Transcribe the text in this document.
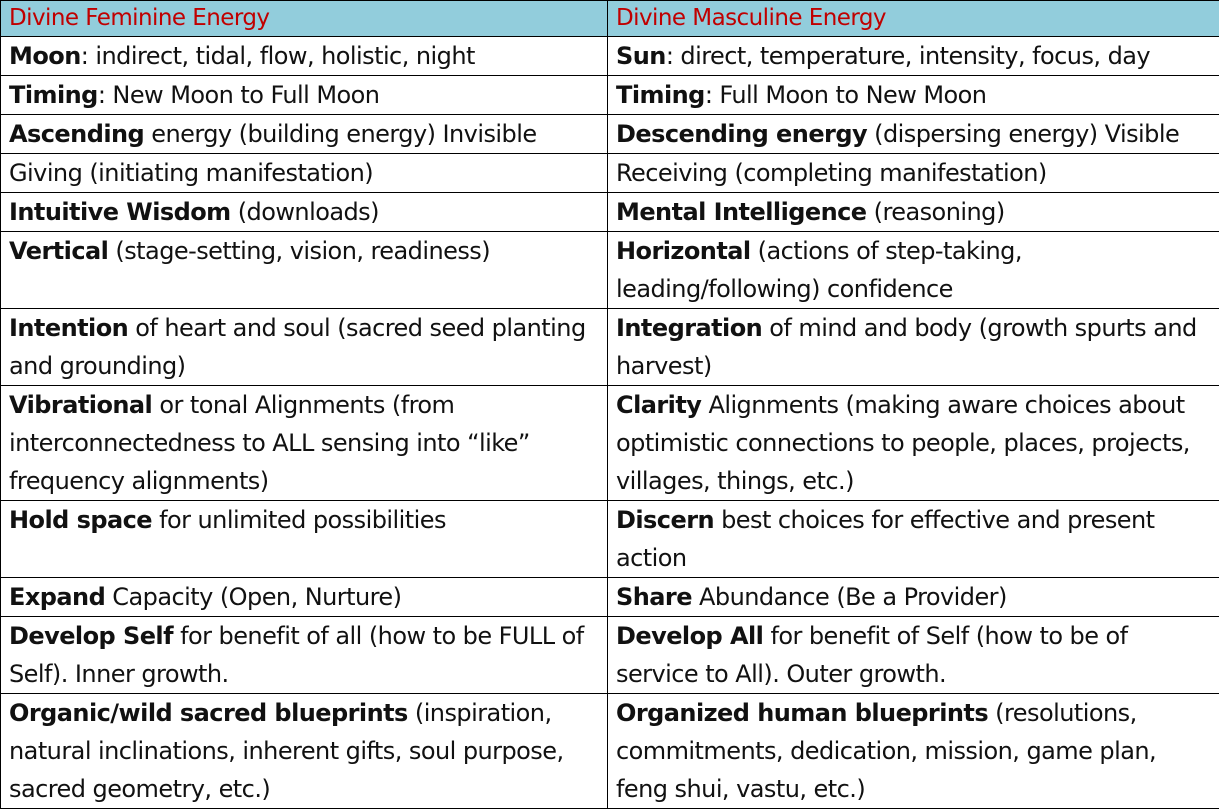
Divine Feminine Energy	Divine Masculine Energy
Moon: indirect, tidal, flow, holistic, night	Sun: direct, temperature, intensity, focus, day
Timing: New Moon to Full Moon	Timing: Full Moon to New Moon
Ascending energy (building energy) Invisible	Descending energy (dispersing energy) Visible
Giving (initiating manifestation)	Receiving (completing manifestation)
Intuitive Wisdom (downloads)	Mental Intelligence (reasoning)
Vertical (stage-setting, vision, readiness)	Horizontal (actions of step-taking, leading/following) confidence
Intention of heart and soul (sacred seed planting and grounding)	Integration of mind and body (growth spurts and harvest)
Vibrational or tonal Alignments (from interconnectedness to ALL sensing into “like” frequency alignments)	Clarity Alignments (making aware choices about optimistic connections to people, places, projects, villages, things, etc.)
Hold space for unlimited possibilities	Discern best choices for effective and present action
Expand Capacity (Open, Nurture)	Share Abundance (Be a Provider)
Develop Self for benefit of all (how to be FULL of Self). Inner growth.	Develop All for benefit of Self (how to be of service to All). Outer growth.
Organic/wild sacred blueprints (inspiration, natural inclinations, inherent gifts, soul purpose, sacred geometry, etc.)	Organized human blueprints (resolutions, commitments, dedication, mission, game plan, feng shui, vastu, etc.)
